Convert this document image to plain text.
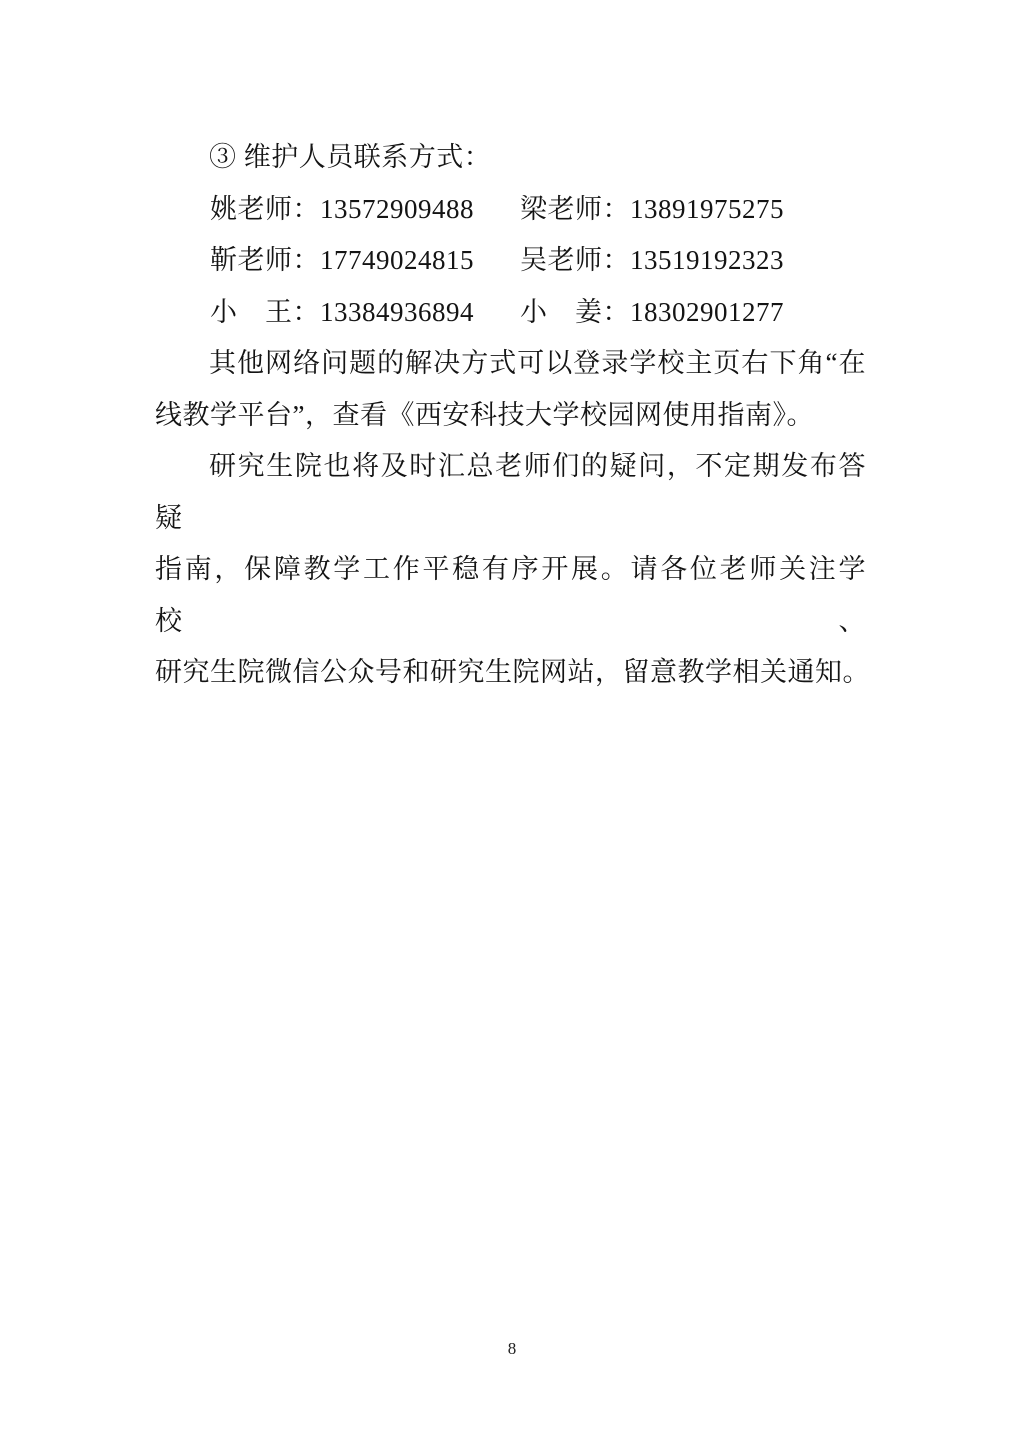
③ 维护人员联系方式：
姚老师：13572909488	梁老师：13891975275
靳老师：17749024815	吴老师：13519192323
小　王：13384936894	小　姜：18302901277
其他网络问题的解决方式可以登录学校主页右下角“在
线教学平台”，查看《西安科技大学校园网使用指南》。
研究生院也将及时汇总老师们的疑问，不定期发布答疑
指南，保障教学工作平稳有序开展。请各位老师关注学校、
研究生院微信公众号和研究生院网站，留意教学相关通知。
8
